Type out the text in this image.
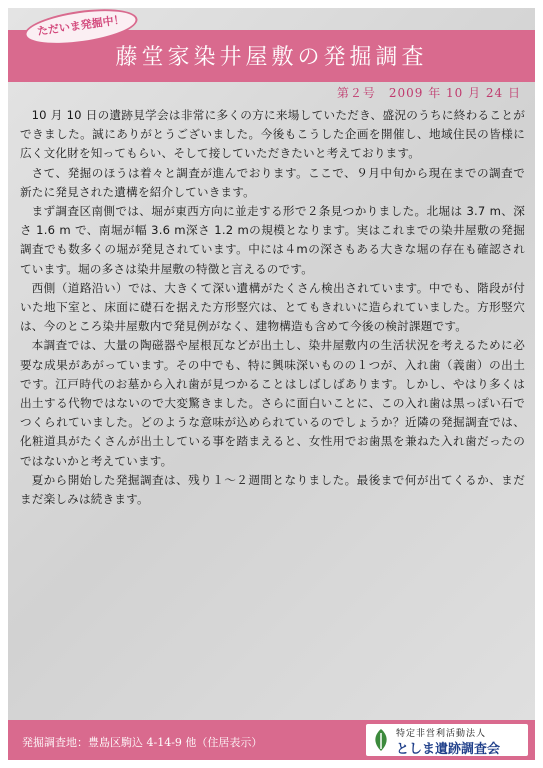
藤堂家染井屋敷の発掘調査
ただいま発掘中！
第２号　2009 年 10 月 24 日

10 月 10 日の遺跡見学会は非常に多くの方に来場していただき、盛況のうちに終わることができました。誠にありがとうございました。今後もこうした企画を開催し、地域住民の皆様に広く文化財を知ってもらい、そして接していただきたいと考えております。

さて、発掘のほうは着々と調査が進んでおります。ここで、９月中旬から現在までの調査で新たに発見された遺構を紹介していきます。

まず調査区南側では、堀が東西方向に並走する形で２条見つかりました。北堀は 3.7 m、深さ 1.6 m で、南堀が幅 3.6 m深さ 1.2 mの規模となります。実はこれまでの染井屋敷の発掘調査でも数多くの堀が発見されています。中には４mの深さもある大きな堀の存在も確認されています。堀の多さは染井屋敷の特徴と言えるのです。

西側（道路沿い）では、大きくて深い遺構がたくさん検出されています。中でも、階段が付いた地下室と、床面に礎石を据えた方形竪穴は、とてもきれいに造られていました。方形竪穴は、今のところ染井屋敷内で発見例がなく、建物構造も含めて今後の検討課題です。

本調査では、大量の陶磁器や屋根瓦などが出土し、染井屋敷内の生活状況を考えるために必要な成果があがっています。その中でも、特に興味深いものの１つが、入れ歯（義歯）の出土です。江戸時代のお墓から入れ歯が見つかることはしばしばあります。しかし、やはり多くは出土する代物ではないので大変驚きました。さらに面白いことに、この入れ歯は黒っぽい石でつくられていました。どのような意味が込められているのでしょうか？近隣の発掘調査では、化粧道具がたくさんが出土している事を踏まえると、女性用でお歯黒を兼ねた入れ歯だったのではないかと考えています。

夏から開始した発掘調査は、残り１～２週間となりました。最後まで何が出てくるか、まだまだ楽しみは続きます。

発掘調査地：豊島区駒込 4-14-9 他（住居表示）
特定非営利活動法人
としま遺跡調査会
